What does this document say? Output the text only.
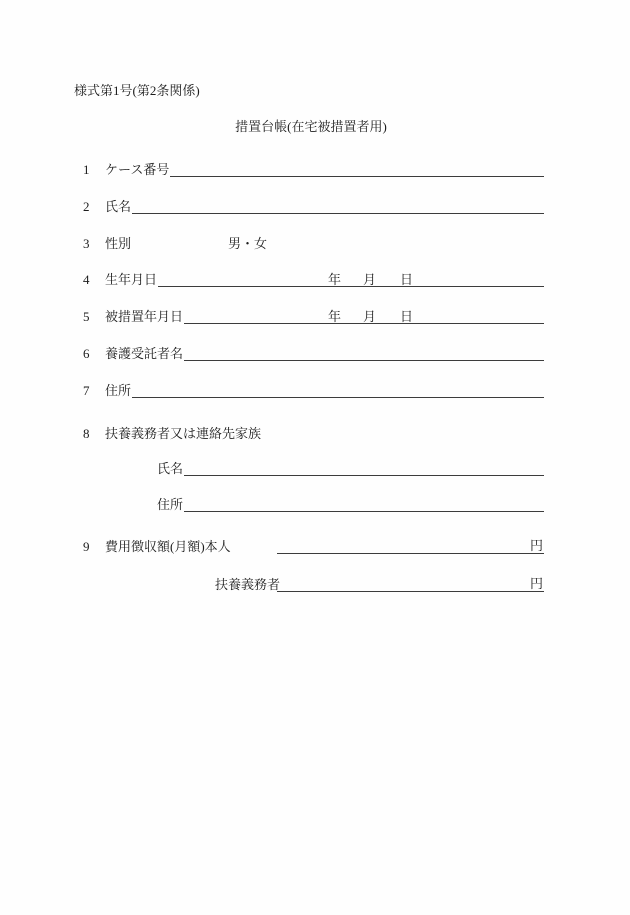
様式第1号(第2条関係)
措置台帳(在宅被措置者用)
1	ケース番号
2	氏名
3	性別	男・女
4	生年月日	年 月 日
5	被措置年月日	年 月 日
6	養護受託者名
7	住所
8	扶養義務者又は連絡先家族
氏名
住所
9	費用徴収額(月額)本人	円
扶養義務者	円
